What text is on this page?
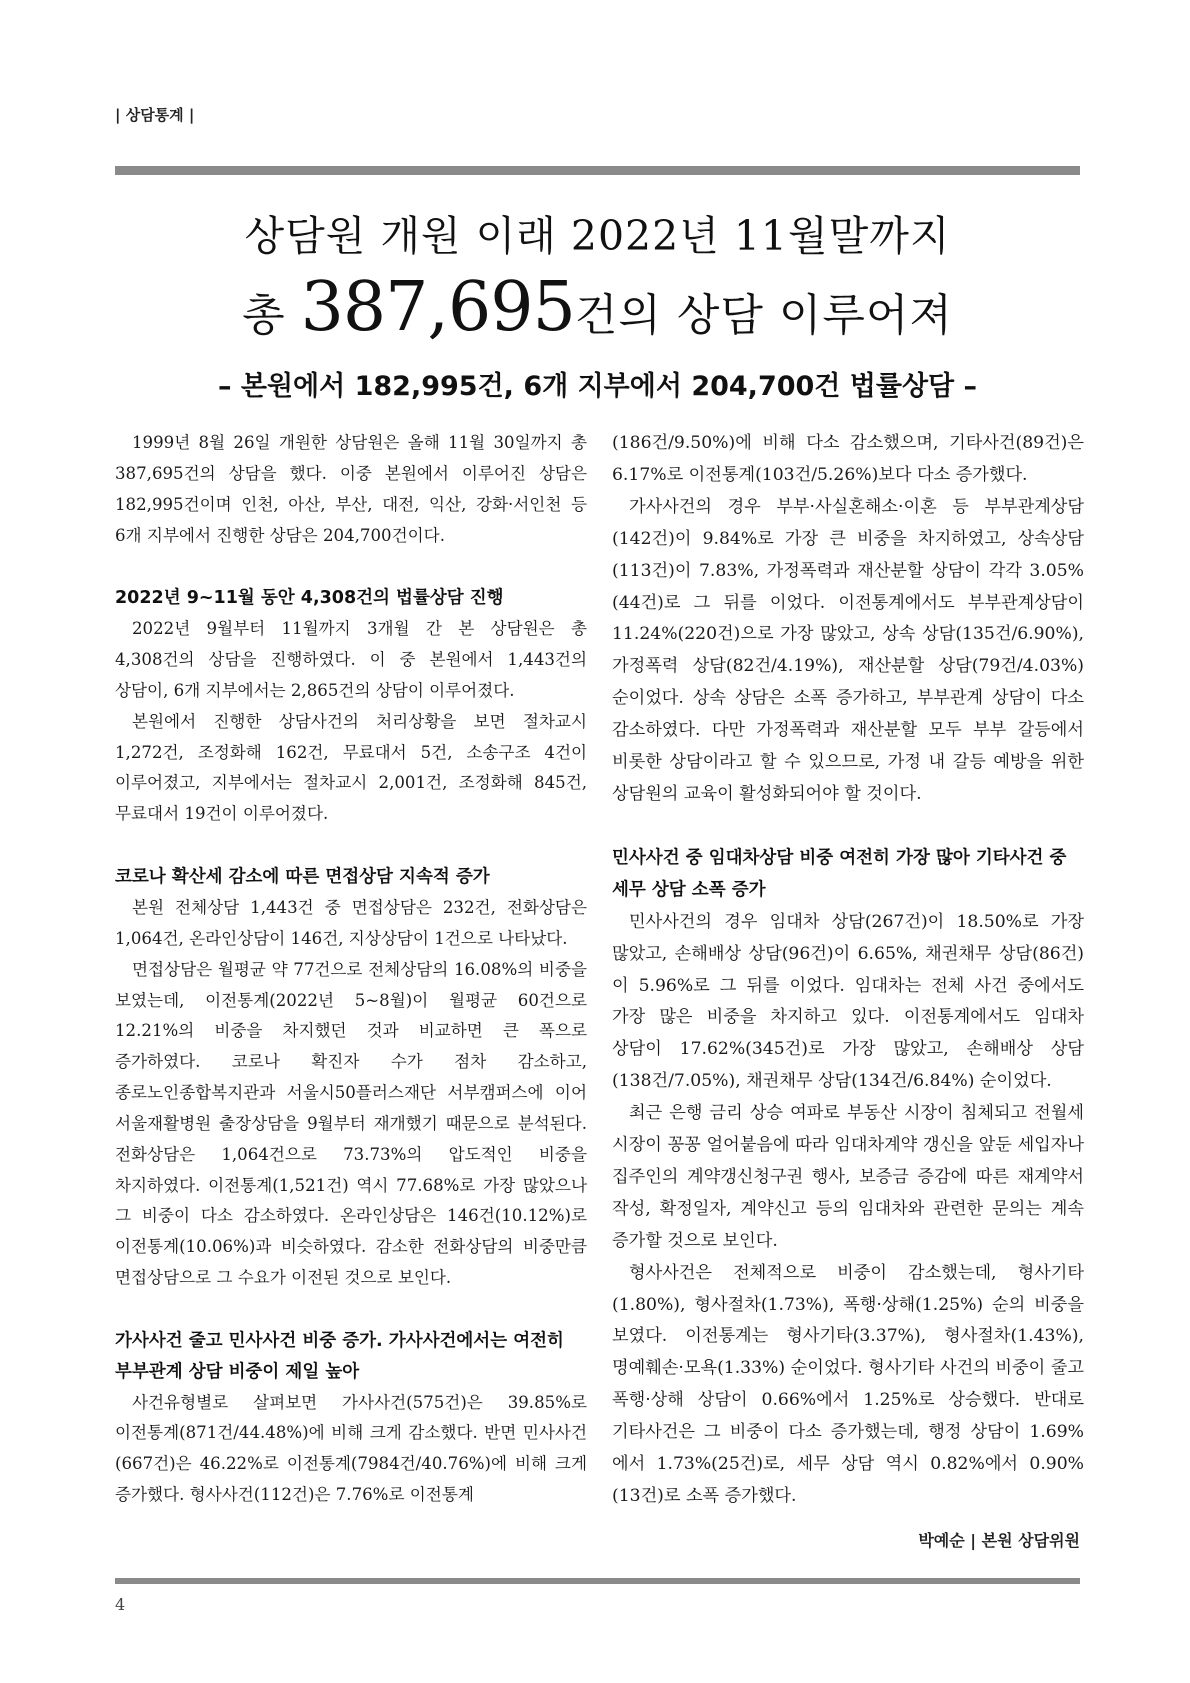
| 상담통계 |
상담원 개원 이래 2022년 11월말까지
총 387,695건의 상담 이루어져
– 본원에서 182,995건, 6개 지부에서 204,700건 법률상담 –

1999년 8월 26일 개원한 상담원은 올해 11월 30일까지 총 387,695건의 상담을 했다. 이중 본원에서 이루어진 상담은 182,995건이며 인천, 아산, 부산, 대전, 익산, 강화·서인천 등 6개 지부에서 진행한 상담은 204,700건이다.

2022년 9~11월 동안 4,308건의 법률상담 진행

2022년 9월부터 11월까지 3개월 간 본 상담원은 총 4,308건의 상담을 진행하였다. 이 중 본원에서 1,443건의 상담이, 6개 지부에서는 2,865건의 상담이 이루어졌다.

본원에서 진행한 상담사건의 처리상황을 보면 절차교시 1,272건, 조정화해 162건, 무료대서 5건, 소송구조 4건이 이루어졌고, 지부에서는 절차교시 2,001건, 조정화해 845건, 무료대서 19건이 이루어졌다.

코로나 확산세 감소에 따른 면접상담 지속적 증가

본원 전체상담 1,443건 중 면접상담은 232건, 전화상담은 1,064건, 온라인상담이 146건, 지상상담이 1건으로 나타났다.

면접상담은 월평균 약 77건으로 전체상담의 16.08%의 비중을 보였는데, 이전통계(2022년 5~8월)이 월평균 60건으로 12.21%의 비중을 차지했던 것과 비교하면 큰 폭으로 증가하였다. 코로나 확진자 수가 점차 감소하고, 종로노인종합복지관과 서울시50플러스재단 서부캠퍼스에 이어 서울재활병원 출장상담을 9월부터 재개했기 때문으로 분석된다. 전화상담은 1,064건으로 73.73%의 압도적인 비중을 차지하였다. 이전통계(1,521건) 역시 77.68%로 가장 많았으나 그 비중이 다소 감소하였다. 온라인상담은 146건(10.12%)로 이전통계(10.06%)과 비슷하였다. 감소한 전화상담의 비중만큼 면접상담으로 그 수요가 이전된 것으로 보인다.

가사사건 줄고 민사사건 비중 증가. 가사사건에서는 여전히 부부관계 상담 비중이 제일 높아

사건유형별로 살펴보면 가사사건(575건)은 39.85%로 이전통계(871건/44.48%)에 비해 크게 감소했다. 반면 민사사건(667건)은 46.22%로 이전통계(7984건/40.76%)에 비해 크게 증가했다. 형사사건(112건)은 7.76%로 이전통계

(186건/9.50%)에 비해 다소 감소했으며, 기타사건(89건)은 6.17%로 이전통계(103건/5.26%)보다 다소 증가했다.

가사사건의 경우 부부·사실혼해소·이혼 등 부부관계상담(142건)이 9.84%로 가장 큰 비중을 차지하였고, 상속상담(113건)이 7.83%, 가정폭력과 재산분할 상담이 각각 3.05%(44건)로 그 뒤를 이었다. 이전통계에서도 부부관계상담이 11.24%(220건)으로 가장 많았고, 상속 상담(135건/6.90%), 가정폭력 상담(82건/4.19%), 재산분할 상담(79건/4.03%) 순이었다. 상속 상담은 소폭 증가하고, 부부관계 상담이 다소 감소하였다. 다만 가정폭력과 재산분할 모두 부부 갈등에서 비롯한 상담이라고 할 수 있으므로, 가정 내 갈등 예방을 위한 상담원의 교육이 활성화되어야 할 것이다.

민사사건 중 임대차상담 비중 여전히 가장 많아 기타사건 중 세무 상담 소폭 증가

민사사건의 경우 임대차 상담(267건)이 18.50%로 가장 많았고, 손해배상 상담(96건)이 6.65%, 채권채무 상담(86건)이 5.96%로 그 뒤를 이었다. 임대차는 전체 사건 중에서도 가장 많은 비중을 차지하고 있다. 이전통계에서도 임대차 상담이 17.62%(345건)로 가장 많았고, 손해배상 상담(138건/7.05%), 채권채무 상담(134건/6.84%) 순이었다.

최근 은행 금리 상승 여파로 부동산 시장이 침체되고 전월세 시장이 꽁꽁 얼어붙음에 따라 임대차계약 갱신을 앞둔 세입자나 집주인의 계약갱신청구권 행사, 보증금 증감에 따른 재계약서 작성, 확정일자, 계약신고 등의 임대차와 관련한 문의는 계속 증가할 것으로 보인다.

형사사건은 전체적으로 비중이 감소했는데, 형사기타(1.80%), 형사절차(1.73%), 폭행·상해(1.25%) 순의 비중을 보였다. 이전통계는 형사기타(3.37%), 형사절차(1.43%), 명예훼손·모욕(1.33%) 순이었다. 형사기타 사건의 비중이 줄고 폭행·상해 상담이 0.66%에서 1.25%로 상승했다. 반대로 기타사건은 그 비중이 다소 증가했는데, 행정 상담이 1.69%에서 1.73%(25건)로, 세무 상담 역시 0.82%에서 0.90%(13건)로 소폭 증가했다.

박예순 | 본원 상담위원
4
